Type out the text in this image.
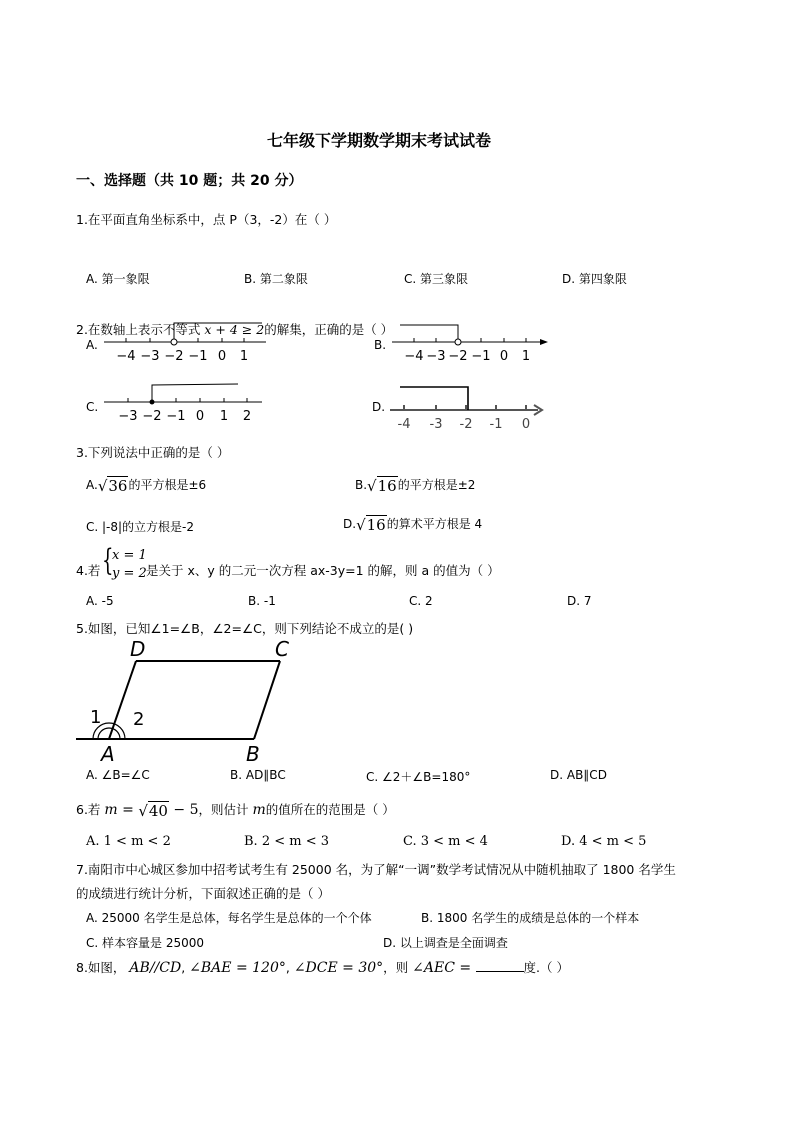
七年级下学期数学期末考试试卷
一、选择题（共 10 题；共 20 分）
1.在平面直角坐标系中，点 P（3，-2）在（ ）
A. 第一象限	B. 第二象限	C. 第三象限	D. 第四象限
2.在数轴上表示不等式 x + 4 ≥ 2的解集，正确的是（ ）
A.
−4 −3 −2 −1 0 1
B.
−4 −3 −2 −1 0 1
C.
−3 −2 −1 0 1 2
D.
-4 -3 -2 -1 0
3.下列说法中正确的是（ ）
A.√36的平方根是±6	B.√16的平方根是±2
C. |-8|的立方根是-2	D.√16的算术平方根是 4
4.若 {
x = 1
y = 2 是关于 x、y 的二元一次方程 ax-3y=1 的解，则 a 的值为（ ）
A. -5	B. -1	C. 2	D. 7
5.如图，已知∠1=∠B，∠2=∠C，则下列结论不成立的是( )
D	C
A	B
1 2
A. ∠B=∠C	B. AD∥BC	C. ∠2＋∠B=180°	D. AB∥CD
6.若 m = √40 − 5，则估计 m的值所在的范围是（ ）
A. 1 < m < 2	B. 2 < m < 3	C. 3 < m < 4	D. 4 < m < 5
7.南阳市中心城区参加中招考试考生有 25000 名，为了解“一调”数学考试情况从中随机抽取了 1800 名学生
的成绩进行统计分析，下面叙述正确的是（ ）
A. 25000 名学生是总体，每名学生是总体的一个个体	B. 1800 名学生的成绩是总体的一个样本
C. 样本容量是 25000	D. 以上调查是全面调查
8.如图， AB//CD, ∠BAE = 120°, ∠DCE = 30°，则 ∠AEC =	度.（ ）
